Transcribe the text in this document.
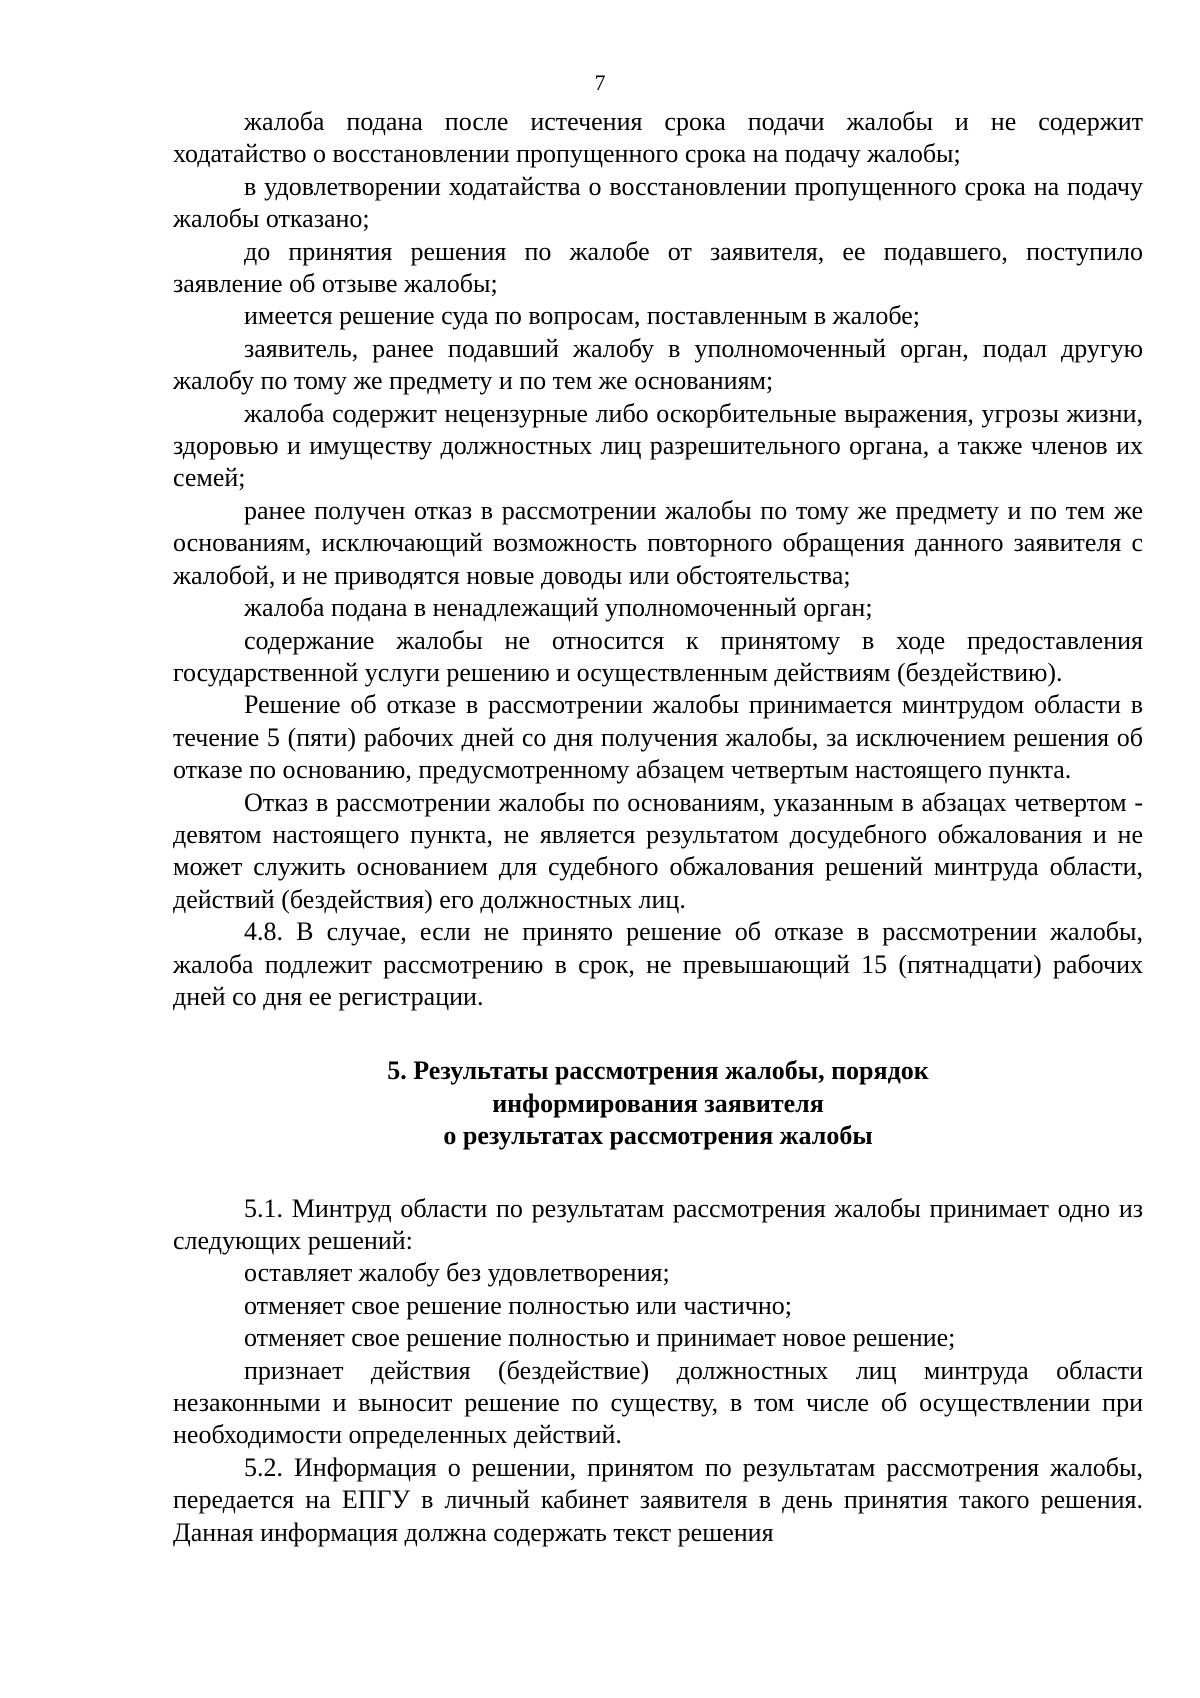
7

жалоба подана после истечения срока подачи жалобы и не содержит ходатайство о восстановлении пропущенного срока на подачу жалобы;

в удовлетворении ходатайства о восстановлении пропущенного срока на подачу жалобы отказано;

до принятия решения по жалобе от заявителя, ее подавшего, поступило заявление об отзыве жалобы;

имеется решение суда по вопросам, поставленным в жалобе;

заявитель, ранее подавший жалобу в уполномоченный орган, подал другую жалобу по тому же предмету и по тем же основаниям;

жалоба содержит нецензурные либо оскорбительные выражения, угрозы жизни, здоровью и имуществу должностных лиц разрешительного органа, а также членов их семей;

ранее получен отказ в рассмотрении жалобы по тому же предмету и по тем же основаниям, исключающий возможность повторного обращения данного заявителя с жалобой, и не приводятся новые доводы или обстоятельства;

жалоба подана в ненадлежащий уполномоченный орган;

содержание жалобы не относится к принятому в ходе предоставления государственной услуги решению и осуществленным действиям (бездействию).

Решение об отказе в рассмотрении жалобы принимается минтрудом области в течение 5 (пяти) рабочих дней со дня получения жалобы, за исключением решения об отказе по основанию, предусмотренному абзацем четвертым настоящего пункта.

Отказ в рассмотрении жалобы по основаниям, указанным в абзацах четвертом - девятом настоящего пункта, не является результатом досудебного обжалования и не может служить основанием для судебного обжалования решений минтруда области, действий (бездействия) его должностных лиц.

4.8. В случае, если не принято решение об отказе в рассмотрении жалобы, жалоба подлежит рассмотрению в срок, не превышающий 15 (пятнадцати) рабочих дней со дня ее регистрации.

5. Результаты рассмотрения жалобы, порядок
информирования заявителя
о результатах рассмотрения жалобы

5.1. Минтруд области по результатам рассмотрения жалобы принимает одно из следующих решений:

оставляет жалобу без удовлетворения;

отменяет свое решение полностью или частично;

отменяет свое решение полностью и принимает новое решение;

признает действия (бездействие) должностных лиц минтруда области незаконными и выносит решение по существу, в том числе об осуществлении при необходимости определенных действий.

5.2. Информация о решении, принятом по результатам рассмотрения жалобы, передается на ЕПГУ в личный кабинет заявителя в день принятия такого решения. Данная информация должна содержать текст решения
